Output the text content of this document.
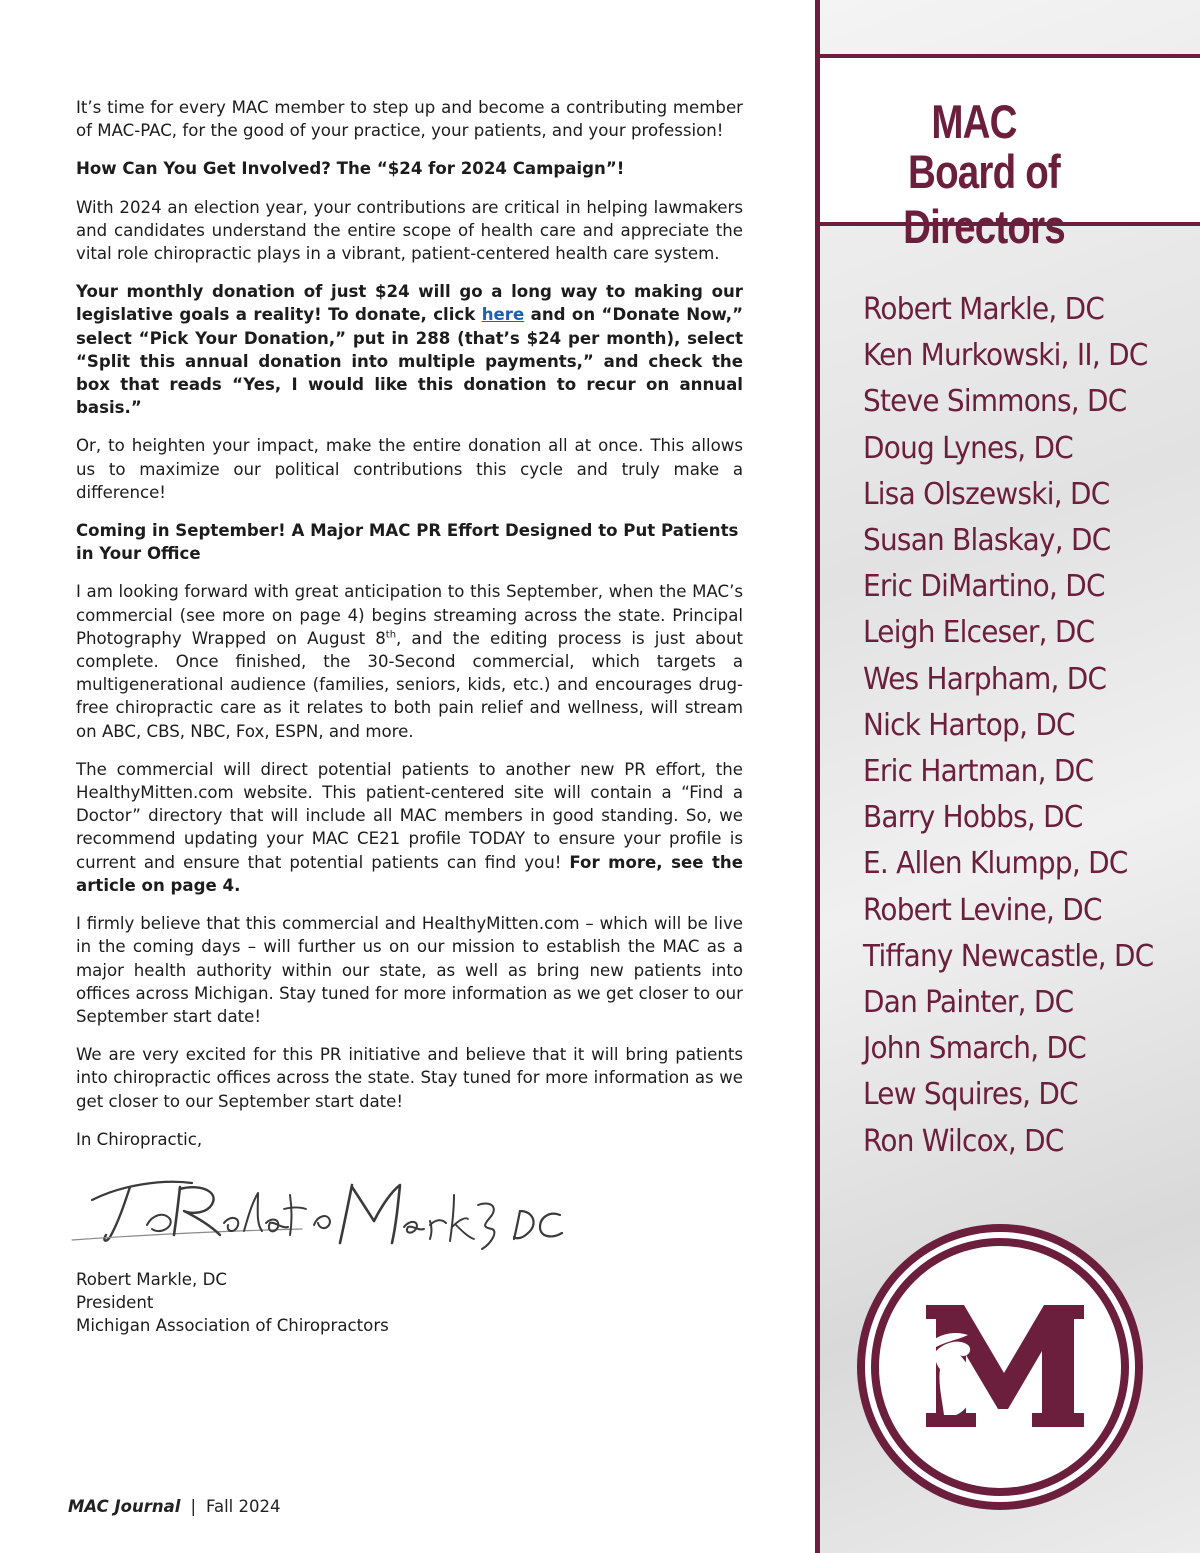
It’s time for every MAC member to step up and become a contributing member of MAC-PAC, for the good of your practice, your patients, and your profession!

How Can You Get Involved? The “$24 for 2024 Campaign”!

With 2024 an election year, your contributions are critical in helping lawmakers and candidates understand the entire scope of health care and appreciate the vital role chiropractic plays in a vibrant, patient-centered health care system.

Your monthly donation of just $24 will go a long way to making our legislative goals a reality! To donate, click here and on “Donate Now,” select “Pick Your Donation,” put in 288 (that’s $24 per month), select “Split this annual donation into multiple payments,” and check the box that reads “Yes, I would like this donation to recur on annual basis.”

Or, to heighten your impact, make the entire donation all at once. This allows us to maximize our political contributions this cycle and truly make a difference!

Coming in September! A Major MAC PR Effort Designed to Put Patients in Your Office

I am looking forward with great anticipation to this September, when the MAC’s commercial (see more on page 4) begins streaming across the state. Principal Photography Wrapped on August 8th, and the editing process is just about complete. Once finished, the 30-Second commercial, which targets a multigenerational audience (families, seniors, kids, etc.) and encourages drug-free chiropractic care as it relates to both pain relief and wellness, will stream on ABC, CBS, NBC, Fox, ESPN, and more.

The commercial will direct potential patients to another new PR effort, the HealthyMitten.com website. This patient-centered site will contain a “Find a Doctor” directory that will include all MAC members in good standing. So, we recommend updating your MAC CE21 profile TODAY to ensure your profile is current and ensure that potential patients can find you! For more, see the article on page 4.

I firmly believe that this commercial and HealthyMitten.com – which will be live in the coming days – will further us on our mission to establish the MAC as a major health authority within our state, as well as bring new patients into offices across Michigan. Stay tuned for more information as we get closer to our September start date!

We are very excited for this PR initiative and believe that it will bring patients into chiropractic offices across the state. Stay tuned for more information as we get closer to our September start date!

In Chiropractic,

Robert Markle, DC
President
Michigan Association of Chiropractors
MAC Journal | Fall 2024
MAC
Board of Directors
Robert Markle, DC
Ken Murkowski, II, DC
Steve Simmons, DC
Doug Lynes, DC
Lisa Olszewski, DC
Susan Blaskay, DC
Eric DiMartino, DC
Leigh Elceser, DC
Wes Harpham, DC
Nick Hartop, DC
Eric Hartman, DC
Barry Hobbs, DC
E. Allen Klumpp, DC
Robert Levine, DC
Tiffany Newcastle, DC
Dan Painter, DC
John Smarch, DC
Lew Squires, DC
Ron Wilcox, DC
